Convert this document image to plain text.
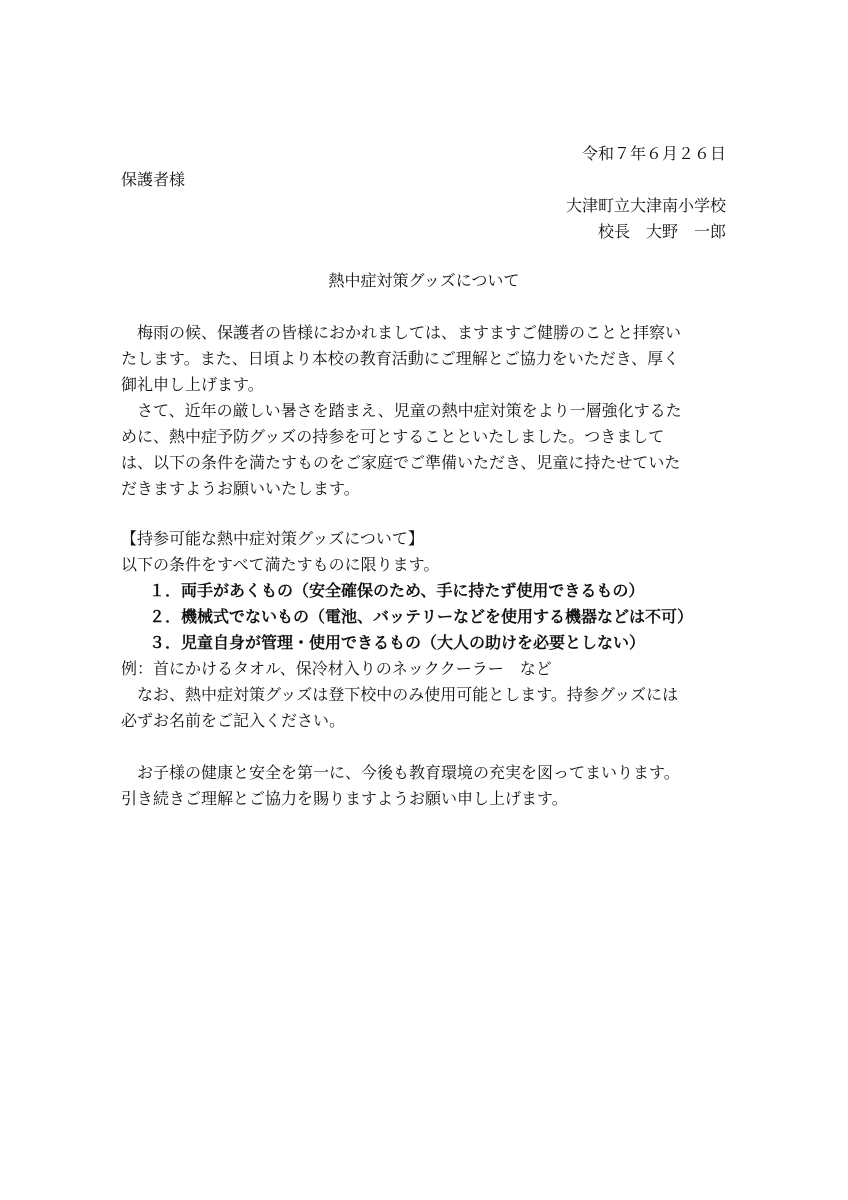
令和７年６月２６日
保護者様
大津町立大津南小学校
校長　大野　一郎
熱中症対策グッズについて
　梅雨の候、保護者の皆様におかれましては、ますますご健勝のことと拝察い
たします。また、日頃より本校の教育活動にご理解とご協力をいただき、厚く
御礼申し上げます。
　さて、近年の厳しい暑さを踏まえ、児童の熱中症対策をより一層強化するた
めに、熱中症予防グッズの持参を可とすることといたしました。つきまして
は、以下の条件を満たすものをご家庭でご準備いただき、児童に持たせていた
だきますようお願いいたします。
【持参可能な熱中症対策グッズについて】
以下の条件をすべて満たすものに限ります。
１．両手があくもの（安全確保のため、手に持たず使用できるもの）
２．機械式でないもの（電池、バッテリーなどを使用する機器などは不可）
３．児童自身が管理・使用できるもの（大人の助けを必要としない）
例：首にかけるタオル、保冷材入りのネッククーラー　など
　なお、熱中症対策グッズは登下校中のみ使用可能とします。持参グッズには
必ずお名前をご記入ください。
　お子様の健康と安全を第一に、今後も教育環境の充実を図ってまいります。
引き続きご理解とご協力を賜りますようお願い申し上げます。
